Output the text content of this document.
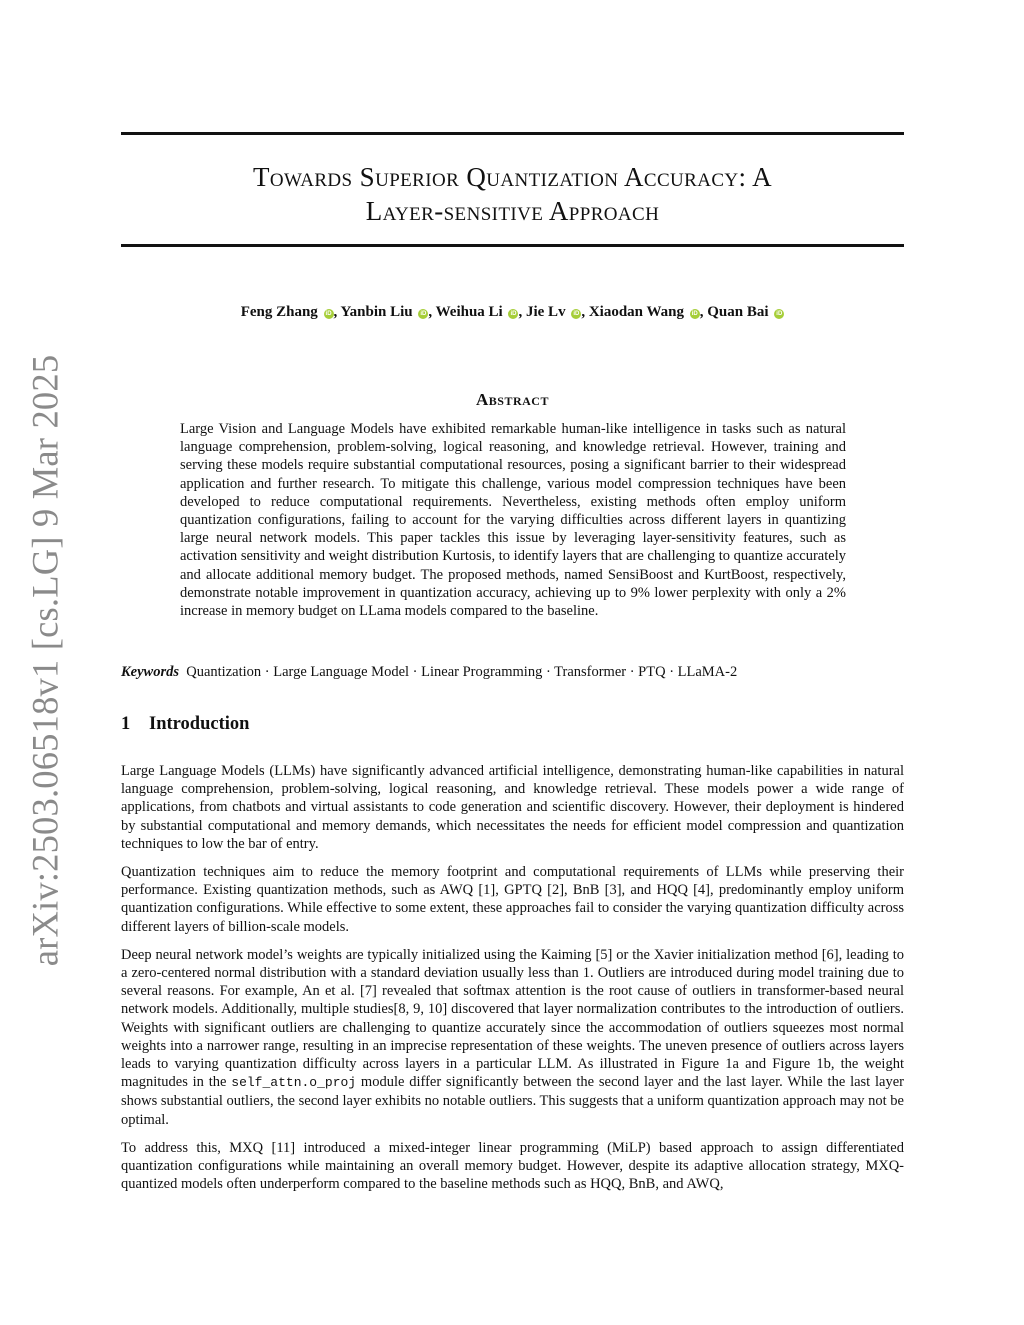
arXiv:2503.06518v1 [cs.LG] 9 Mar 2025
Towards Superior Quantization Accuracy: A
Layer-sensitive Approach
Feng Zhang iD , Yanbin Liu iD , Weihua Li iD , Jie Lv iD , Xiaodan Wang iD , Quan Bai iD
Abstract
Large Vision and Language Models have exhibited remarkable human-like intelligence in tasks such as natural language comprehension, problem-solving, logical reasoning, and knowledge retrieval. However, training and serving these models require substantial computational resources, posing a significant barrier to their widespread application and further research. To mitigate this challenge, various model compression techniques have been developed to reduce computational requirements. Nevertheless, existing methods often employ uniform quantization configurations, failing to account for the varying difficulties across different layers in quantizing large neural network models. This paper tackles this issue by leveraging layer-sensitivity features, such as activation sensitivity and weight distribution Kurtosis, to identify layers that are challenging to quantize accurately and allocate additional memory budget. The proposed methods, named SensiBoost and KurtBoost, respectively, demonstrate notable improvement in quantization accuracy, achieving up to 9% lower perplexity with only a 2% increase in memory budget on LLama models compared to the baseline.
Keywords Quantization · Large Language Model · Linear Programming · Transformer · PTQ · LLaMA-2
1 Introduction

Large Language Models (LLMs) have significantly advanced artificial intelligence, demonstrating human-like capabilities in natural language comprehension, problem-solving, logical reasoning, and knowledge retrieval. These models power a wide range of applications, from chatbots and virtual assistants to code generation and scientific discovery. However, their deployment is hindered by substantial computational and memory demands, which necessitates the needs for efficient model compression and quantization techniques to low the bar of entry.

Quantization techniques aim to reduce the memory footprint and computational requirements of LLMs while preserving their performance. Existing quantization methods, such as AWQ [1], GPTQ [2], BnB [3], and HQQ [4], predominantly employ uniform quantization configurations. While effective to some extent, these approaches fail to consider the varying quantization difficulty across different layers of billion-scale models.

Deep neural network model’s weights are typically initialized using the Kaiming [5] or the Xavier initialization method [6], leading to a zero-centered normal distribution with a standard deviation usually less than 1. Outliers are introduced during model training due to several reasons. For example, An et al. [7] revealed that softmax attention is the root cause of outliers in transformer-based neural network models. Additionally, multiple studies[8, 9, 10] discovered that layer normalization contributes to the introduction of outliers. Weights with significant outliers are challenging to quantize accurately since the accommodation of outliers squeezes most normal weights into a narrower range, resulting in an imprecise representation of these weights. The uneven presence of outliers across layers leads to varying quantization difficulty across layers in a particular LLM. As illustrated in Figure 1a and Figure 1b, the weight magnitudes in the self_attn.o_proj module differ significantly between the second layer and the last layer. While the last layer shows substantial outliers, the second layer exhibits no notable outliers. This suggests that a uniform quantization approach may not be optimal.

To address this, MXQ [11] introduced a mixed-integer linear programming (MiLP) based approach to assign differentiated quantization configurations while maintaining an overall memory budget. However, despite its adaptive allocation strategy, MXQ-quantized models often underperform compared to the baseline methods such as HQQ, BnB, and AWQ,
